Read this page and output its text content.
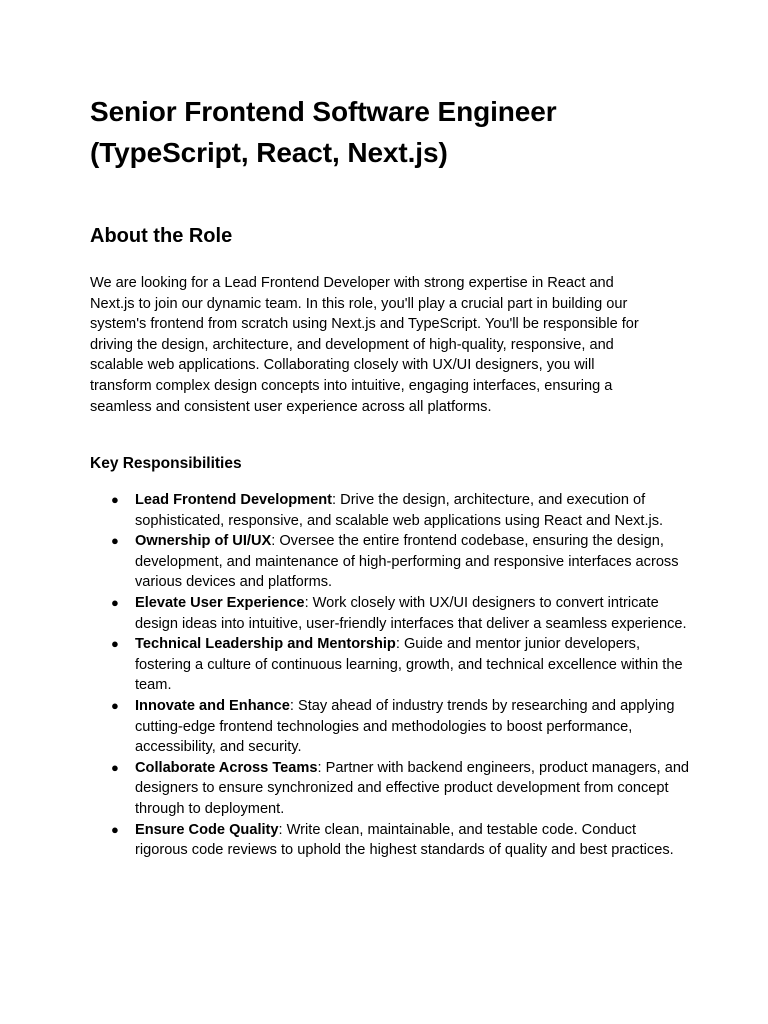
Senior Frontend Software Engineer (TypeScript, React, Next.js)
About the Role

We are looking for a Lead Frontend Developer with strong expertise in React and Next.js to join our dynamic team. In this role, you'll play a crucial part in building our system's frontend from scratch using Next.js and TypeScript. You'll be responsible for driving the design, architecture, and development of high-quality, responsive, and scalable web applications. Collaborating closely with UX/UI designers, you will transform complex design concepts into intuitive, engaging interfaces, ensuring a seamless and consistent user experience across all platforms.

Key Responsibilities
● Lead Frontend Development: Drive the design, architecture, and execution of sophisticated, responsive, and scalable web applications using React and Next.js.
● Ownership of UI/UX: Oversee the entire frontend codebase, ensuring the design, development, and maintenance of high-performing and responsive interfaces across various devices and platforms.
● Elevate User Experience: Work closely with UX/UI designers to convert intricate design ideas into intuitive, user-friendly interfaces that deliver a seamless experience.
● Technical Leadership and Mentorship: Guide and mentor junior developers, fostering a culture of continuous learning, growth, and technical excellence within the team.
● Innovate and Enhance: Stay ahead of industry trends by researching and applying cutting-edge frontend technologies and methodologies to boost performance, accessibility, and security.
● Collaborate Across Teams: Partner with backend engineers, product managers, and designers to ensure synchronized and effective product development from concept through to deployment.
● Ensure Code Quality: Write clean, maintainable, and testable code. Conduct rigorous code reviews to uphold the highest standards of quality and best practices.
